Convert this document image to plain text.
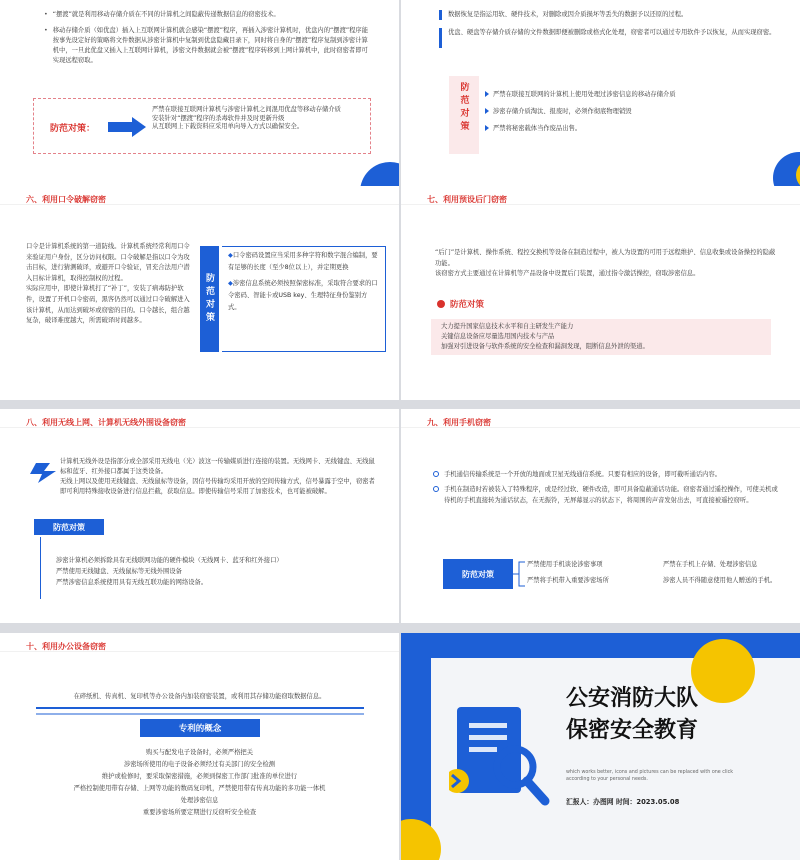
• “摆渡”就是利用移动存储介质在不同的计算机之间隐蔽传递数据信息的窃密技术。
• 移动存储介质（如优盘）插入上互联网计算机就会感染“摆渡”程序，再插入涉密计算机时，优盘内的“摆渡”程序能按事先设定好的策略将文件数据从涉密计算机中复制到优盘隐藏目录下，同时将自身的“摆渡”程序复制到涉密计算机中，一旦此优盘又插入上互联网计算机，涉密文件数据就会被“摆渡”程序转移到上网计算机中，此时窃密者即可实现远程窃取。
防范对策：

严禁在联接互联网计算机与涉密计算机之间混用优盘等移动存储介质

安装针对“摆渡”程序的杀毒软件并及时更新升级

从互联网上下载资料应采用单向导入方式以确保安全。

数据恢复是指运用软、硬件技术，对删除或因介质损坏等丢失的数据予以还原的过程。
优盘、硬盘等存储介质存储的文件数据即便被删除或格式化处理，窃密者可以通过专用软件予以恢复，从而实现窃密。
防范对策	严禁在联接互联网的计算机上使用处理过涉密信息的移动存储介质
涉密存储介质淘汰、报废时，必须作彻底物理销毁
严禁将秘密载体当作废品出售。
六、利用口令破解窃密

口令是计算机系统的第一道防线。计算机系统经常利用口令来验证用户身份，区分访问权限。口令破解是指以口令为攻击目标，进行猜测破译，或避开口令验证，冒充合法用户潜入目标计算机，取得控制权的过程。

实际应用中，即使计算机打了“补丁”，安装了病毒防护软件，设置了开机口令密码，黑客仍然可以通过口令破解进入该计算机，从而达到破坏或窃密的目的。口令越长，组合越复杂，破译难度越大，所需破译时间越多。	防范对策

◆口令密码设置应当采用多种字符和数字混合编制，要有足够的长度（至少8位以上），并定期更换

◆涉密信息系统必须按照保密标准，采取符合要求的口令密码、智能卡或USB key、生理特征身份鉴别方式。

七、利用预设后门窃密

“后门”是计算机、操作系统、程控交换机等设备在制造过程中，被人为设置的可用于远程维护、信息收集或设备操控的隐蔽功能。

该窃密方式主要通过在计算机等产品设备中设置后门装置，通过指令激活操控，窃取涉密信息。

防范对策

大力提升国家信息技术水平和自主研发生产能力

关键信息设备应尽量选用国内技术与产品

加强对引进设备与软件系统的安全检查和漏洞发现，阻断信息外泄的渠道。

八、利用无线上网、计算机无线外围设备窃密

计算机无线外设是指部分或全部采用无线电（光）波这一传输媒质进行连接的装置。无线网卡、无线键盘、无线鼠标和蓝牙、红外接口都属于这类设备。

无线上网以及使用无线键盘、无线鼠标等设备，因信号传输均采用开放的空间传输方式，信号暴露于空中，窃密者即可利用特殊接收设备进行信息拦截，获取信息。即使传输信号采用了加密技术，也可能被破解。

防范对策

涉密计算机必须拆除具有无线联网功能的硬件模块（无线网卡、蓝牙和红外接口）

严禁使用无线键盘、无线鼠标等无线外围设备

严禁涉密信息系统使用具有无线互联功能的网络设备。

九、利用手机窃密
手机通信传输系统是一个开放的地面或卫星无线通信系统。只要有相应的设备，即可截听通话内容。
手机在制造时若被装入了特殊程序，或是经过软、硬件改造，即可具备隐蔽通话功能。窃密者通过遥控操作，可使关机或待机的手机直接转为通话状态，在无振铃，无屏幕显示的状态下，将周围的声音发射出去，可直接被遥控窃听。
防范对策

严禁使用手机谈论涉密事项

严禁将手机带入重要涉密场所

严禁在手机上存储、处理涉密信息

涉密人员不得随意使用他人赠送的手机。

十、利用办公设备窃密
在碎纸机、传真机、复印机等办公设备内加装窃密装置，或利用其存储功能窃取数据信息。
专利的概念

购买与配发电子设备时，必须严格把关

涉密场所使用的电子设备必须经过有关部门的安全检测

维护或检修时，要采取保密措施，必须到保密工作部门批准的单位进行

严格控制使用带有存储、上网等功能的数码复印机，严禁使用带有传真功能的多功能一体机

处理涉密信息

重要涉密场所要定期进行反窃听安全检查

公安消防大队

保密安全教育

which works better, icons and pictures can be replaced with one click

according to your personal needs.

汇报人：办图网 时间：2023.05.08
